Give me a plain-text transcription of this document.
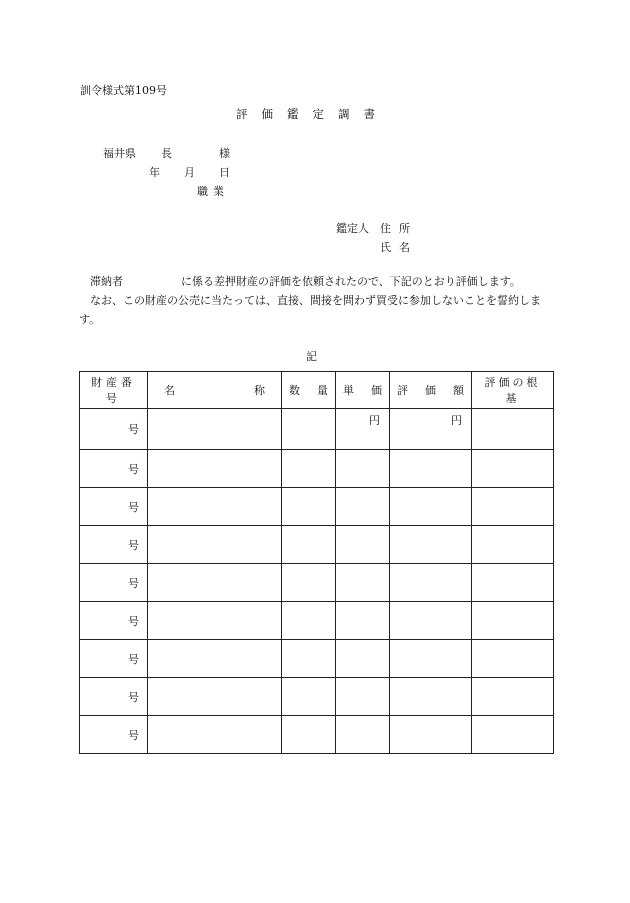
訓令様式第109号
評価鑑定調書
福井県 長	様
年 月 日
職業
鑑定人 住所
氏名
滞納者	に係る差押財産の評価を依頼されたので、下記のとおり評価します。
なお、この財産の公売に当たっては、直接、間接を問わず買受に参加しないことを誓約します。
記
財産番号	名 称	数 量	単 価	評 価 額	評価の根基

号			円	円	
号					
号					
号					
号					
号					
号					
号					
号					
